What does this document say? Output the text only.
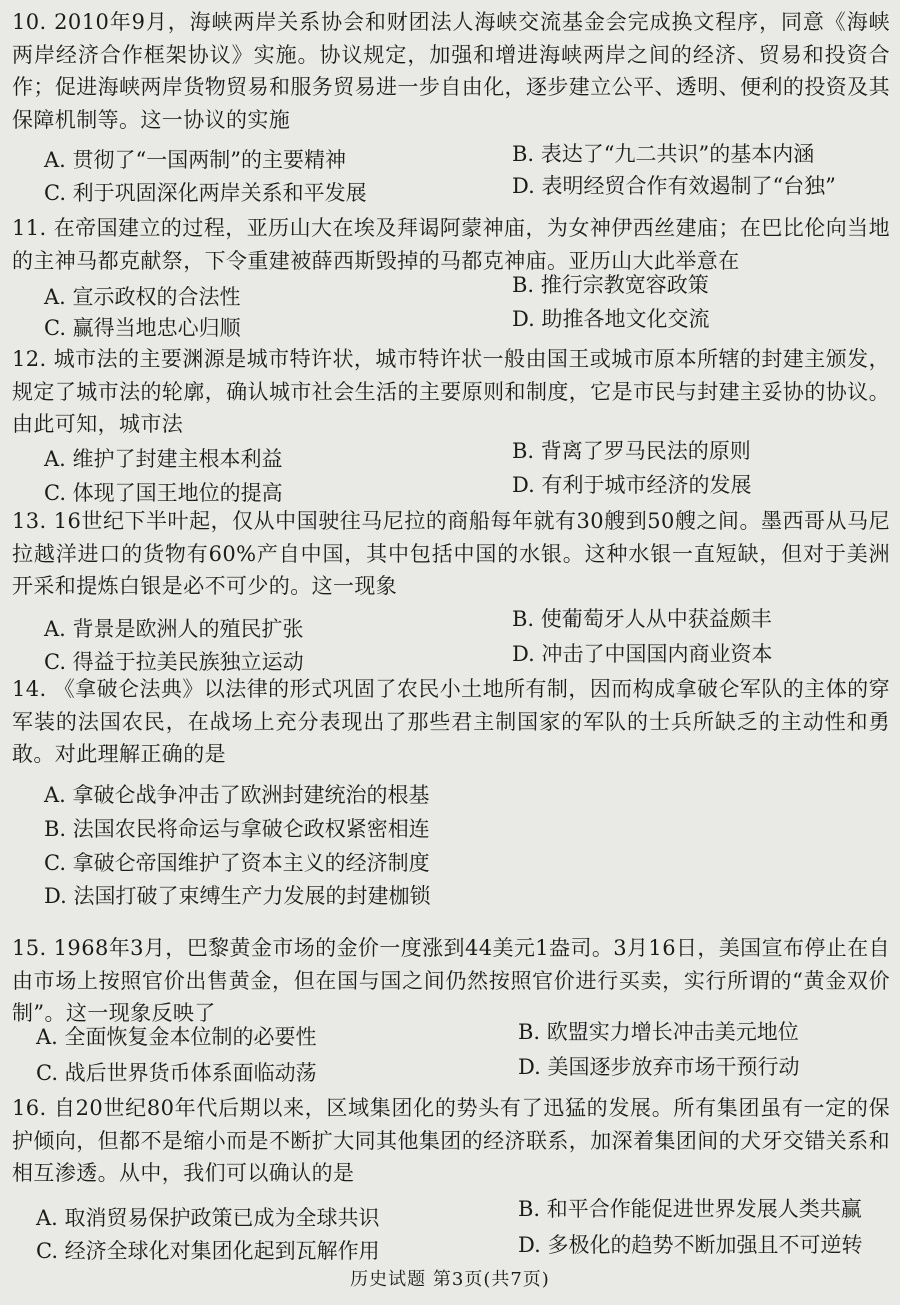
10. 2010年9月，海峡两岸关系协会和财团法人海峡交流基金会完成换文程序，同意《海峡两岸经济合作框架协议》实施。协议规定，加强和增进海峡两岸之间的经济、贸易和投资合作；促进海峡两岸货物贸易和服务贸易进一步自由化，逐步建立公平、透明、便利的投资及其保障机制等。这一协议的实施
A. 贯彻了“一国两制”的主要精神	B. 表达了“九二共识”的基本内涵
C. 利于巩固深化两岸关系和平发展	D. 表明经贸合作有效遏制了“台独”
11. 在帝国建立的过程，亚历山大在埃及拜谒阿蒙神庙，为女神伊西丝建庙；在巴比伦向当地的主神马都克献祭，下令重建被薛西斯毁掉的马都克神庙。亚历山大此举意在
A. 宣示政权的合法性	B. 推行宗教宽容政策
C. 赢得当地忠心归顺	D. 助推各地文化交流
12. 城市法的主要渊源是城市特许状，城市特许状一般由国王或城市原本所辖的封建主颁发，规定了城市法的轮廓，确认城市社会生活的主要原则和制度，它是市民与封建主妥协的协议。由此可知，城市法
A. 维护了封建主根本利益	B. 背离了罗马民法的原则
C. 体现了国王地位的提高	D. 有利于城市经济的发展
13. 16世纪下半叶起，仅从中国驶往马尼拉的商船每年就有30艘到50艘之间。墨西哥从马尼拉越洋进口的货物有60%产自中国，其中包括中国的水银。这种水银一直短缺，但对于美洲开采和提炼白银是必不可少的。这一现象
A. 背景是欧洲人的殖民扩张	B. 使葡萄牙人从中获益颇丰
C. 得益于拉美民族独立运动	D. 冲击了中国国内商业资本
14. 《拿破仑法典》以法律的形式巩固了农民小土地所有制，因而构成拿破仑军队的主体的穿军装的法国农民，在战场上充分表现出了那些君主制国家的军队的士兵所缺乏的主动性和勇敢。对此理解正确的是
A. 拿破仑战争冲击了欧洲封建统治的根基
B. 法国农民将命运与拿破仑政权紧密相连
C. 拿破仑帝国维护了资本主义的经济制度
D. 法国打破了束缚生产力发展的封建枷锁
15. 1968年3月，巴黎黄金市场的金价一度涨到44美元1盎司。3月16日，美国宣布停止在自由市场上按照官价出售黄金，但在国与国之间仍然按照官价进行买卖，实行所谓的“黄金双价制”。这一现象反映了
A. 全面恢复金本位制的必要性	B. 欧盟实力增长冲击美元地位
C. 战后世界货币体系面临动荡	D. 美国逐步放弃市场干预行动
16. 自20世纪80年代后期以来，区域集团化的势头有了迅猛的发展。所有集团虽有一定的保护倾向，但都不是缩小而是不断扩大同其他集团的经济联系，加深着集团间的犬牙交错关系和相互渗透。从中，我们可以确认的是
A. 取消贸易保护政策已成为全球共识	B. 和平合作能促进世界发展人类共赢
C. 经济全球化对集团化起到瓦解作用	D. 多极化的趋势不断加强且不可逆转
历史试题 第3页(共7页)
